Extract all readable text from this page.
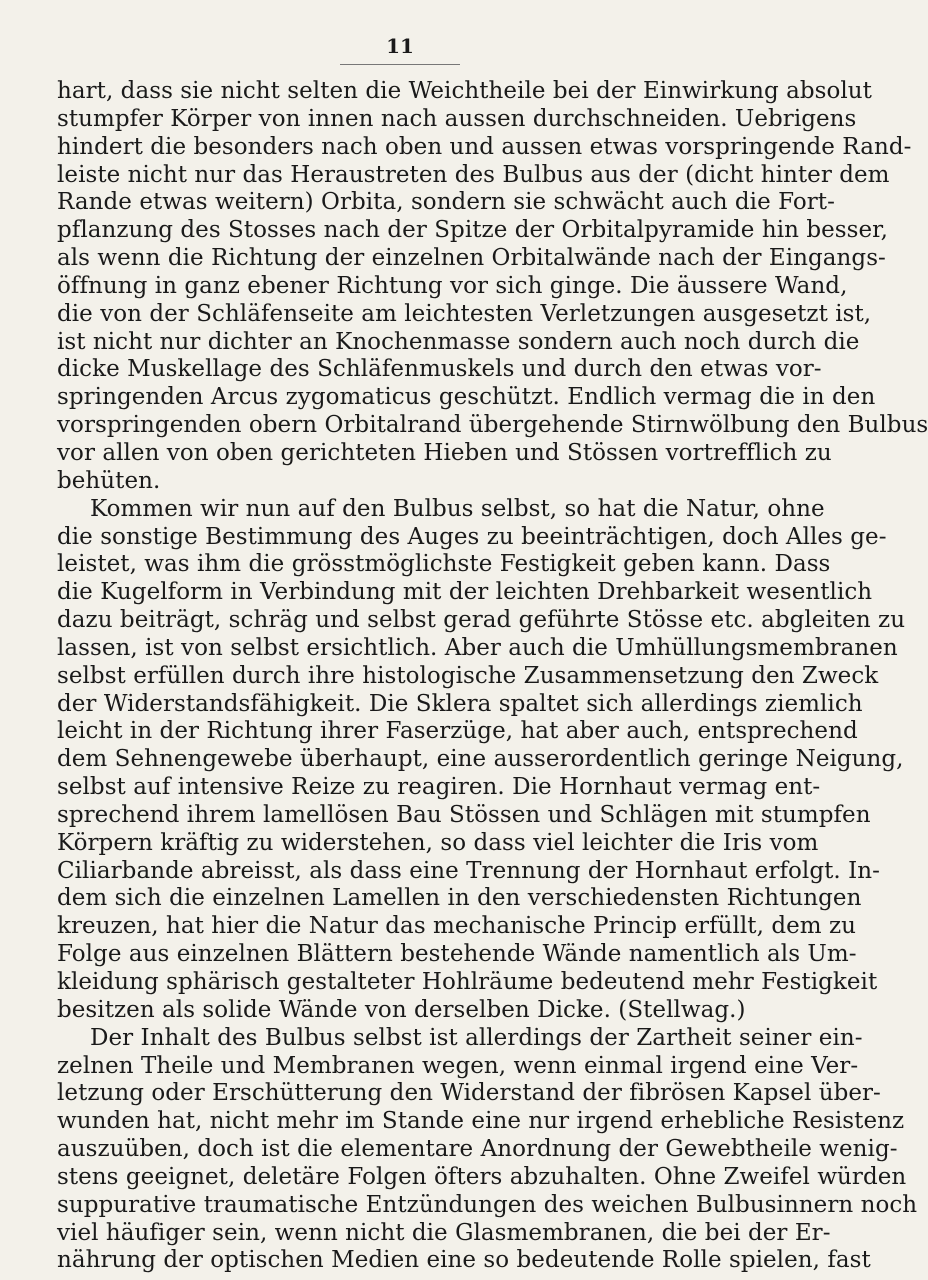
11
hart, dass sie nicht selten die Weichtheile bei der Einwirkung absolut
stumpfer Körper von innen nach aussen durchschneiden. Uebrigens
hindert die besonders nach oben und aussen etwas vorspringende Rand-
leiste nicht nur das Heraustreten des Bulbus aus der (dicht hinter dem
Rande etwas weitern) Orbita, sondern sie schwächt auch die Fort-
pflanzung des Stosses nach der Spitze der Orbitalpyramide hin besser,
als wenn die Richtung der einzelnen Orbitalwände nach der Eingangs-
öffnung in ganz ebener Richtung vor sich ginge. Die äussere Wand,
die von der Schläfenseite am leichtesten Verletzungen ausgesetzt ist,
ist nicht nur dichter an Knochenmasse sondern auch noch durch die
dicke Muskellage des Schläfenmuskels und durch den etwas vor-
springenden Arcus zygomaticus geschützt. Endlich vermag die in den
vorspringenden obern Orbitalrand übergehende Stirnwölbung den Bulbus
vor allen von oben gerichteten Hieben und Stössen vortrefflich zu
behüten.
Kommen wir nun auf den Bulbus selbst, so hat die Natur, ohne
die sonstige Bestimmung des Auges zu beeinträchtigen, doch Alles ge-
leistet, was ihm die grösstmöglichste Festigkeit geben kann. Dass
die Kugelform in Verbindung mit der leichten Drehbarkeit wesentlich
dazu beiträgt, schräg und selbst gerad geführte Stösse etc. abgleiten zu
lassen, ist von selbst ersichtlich. Aber auch die Umhüllungsmembranen
selbst erfüllen durch ihre histologische Zusammensetzung den Zweck
der Widerstandsfähigkeit. Die Sklera spaltet sich allerdings ziemlich
leicht in der Richtung ihrer Faserzüge, hat aber auch, entsprechend
dem Sehnengewebe überhaupt, eine ausserordentlich geringe Neigung,
selbst auf intensive Reize zu reagiren. Die Hornhaut vermag ent-
sprechend ihrem lamellösen Bau Stössen und Schlägen mit stumpfen
Körpern kräftig zu widerstehen, so dass viel leichter die Iris vom
Ciliarbande abreisst, als dass eine Trennung der Hornhaut erfolgt. In-
dem sich die einzelnen Lamellen in den verschiedensten Richtungen
kreuzen, hat hier die Natur das mechanische Princip erfüllt, dem zu
Folge aus einzelnen Blättern bestehende Wände namentlich als Um-
kleidung sphärisch gestalteter Hohlräume bedeutend mehr Festigkeit
besitzen als solide Wände von derselben Dicke. (Stellwag.)
Der Inhalt des Bulbus selbst ist allerdings der Zartheit seiner ein-
zelnen Theile und Membranen wegen, wenn einmal irgend eine Ver-
letzung oder Erschütterung den Widerstand der fibrösen Kapsel über-
wunden hat, nicht mehr im Stande eine nur irgend erhebliche Resistenz
auszuüben, doch ist die elementare Anordnung der Gewebtheile wenig-
stens geeignet, deletäre Folgen öfters abzuhalten. Ohne Zweifel würden
suppurative traumatische Entzündungen des weichen Bulbusinnern noch
viel häufiger sein, wenn nicht die Glasmembranen, die bei der Er-
nährung der optischen Medien eine so bedeutende Rolle spielen, fast
